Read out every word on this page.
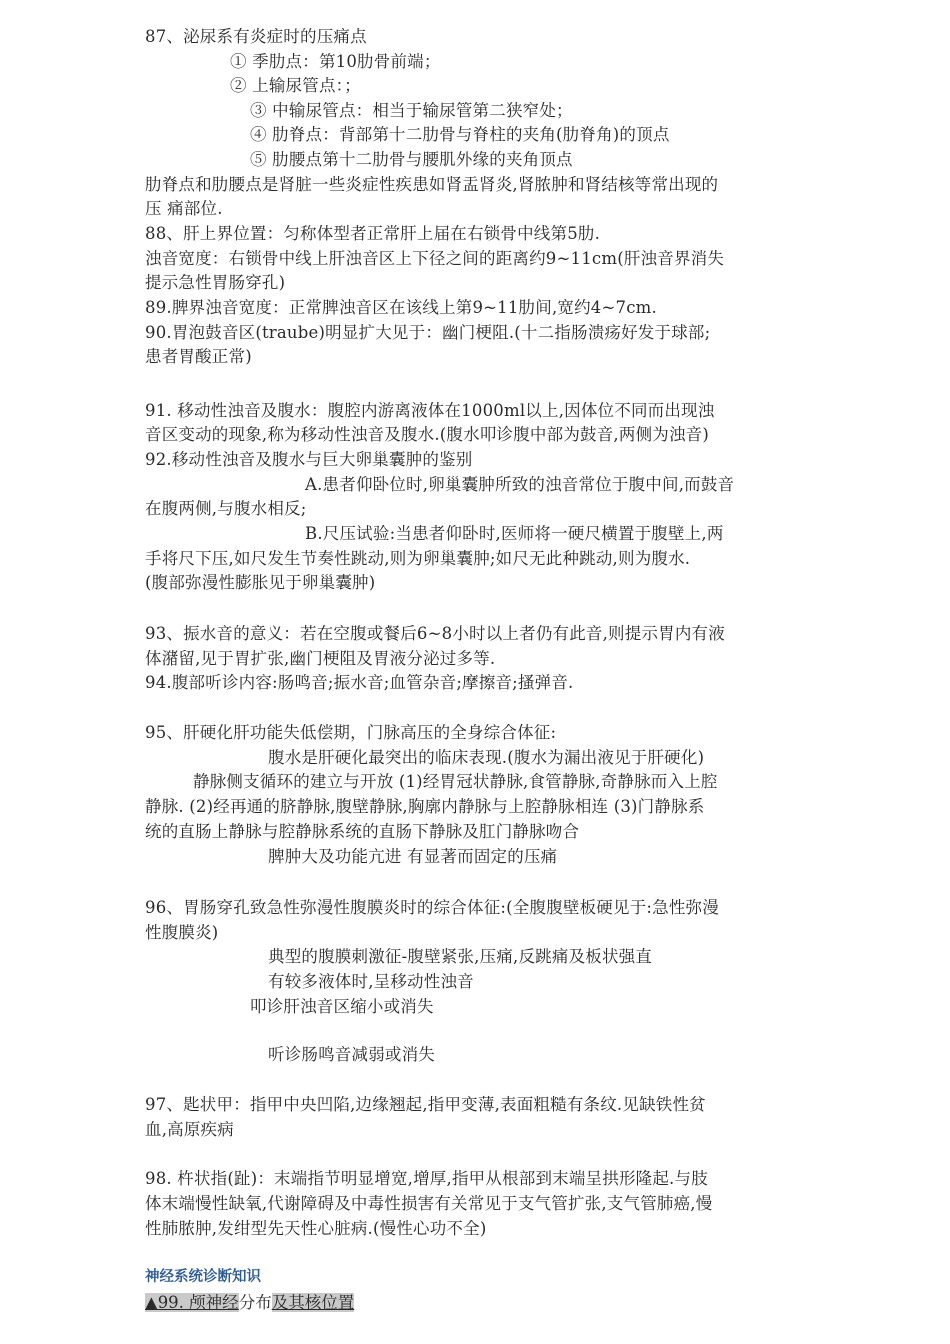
87、泌尿系有炎症时的压痛点
① 季肋点：第10肋骨前端；
② 上输尿管点：；
③ 中输尿管点：相当于输尿管第二狭窄处；
④ 肋脊点：背部第十二肋骨与脊柱的夹角(肋脊角)的顶点
⑤ 肋腰点第十二肋骨与腰肌外缘的夹角顶点
肋脊点和肋腰点是肾脏一些炎症性疾患如肾盂肾炎,肾脓肿和肾结核等常出现的
压 痛部位.
88、肝上界位置：匀称体型者正常肝上届在右锁骨中线第5肋.
浊音宽度：右锁骨中线上肝浊音区上下径之间的距离约9~11cm(肝浊音界消失
提示急性胃肠穿孔)
89.脾界浊音宽度：正常脾浊音区在该线上第9~11肋间,宽约4~7cm.
90.胃泡鼓音区(traube)明显扩大见于：幽门梗阻.(十二指肠溃疡好发于球部;
患者胃酸正常)
91. 移动性浊音及腹水：腹腔内游离液体在1000ml以上,因体位不同而出现浊
音区变动的现象,称为移动性浊音及腹水.(腹水叩诊腹中部为鼓音,两侧为浊音)
92.移动性浊音及腹水与巨大卵巢囊肿的鉴别
A.患者仰卧位时,卵巢囊肿所致的浊音常位于腹中间,而鼓音
在腹两侧,与腹水相反;
B.尺压试验:当患者仰卧时,医师将一硬尺横置于腹壁上,两
手将尺下压,如尺发生节奏性跳动,则为卵巢囊肿;如尺无此种跳动,则为腹水.
(腹部弥漫性膨胀见于卵巢囊肿)
93、振水音的意义：若在空腹或餐后6~8小时以上者仍有此音,则提示胃内有液
体潴留,见于胃扩张,幽门梗阻及胃液分泌过多等.
94.腹部听诊内容:肠鸣音;振水音;血管杂音;摩擦音;搔弹音.
95、肝硬化肝功能失低偿期，门脉高压的全身综合体征:
腹水是肝硬化最突出的临床表现.(腹水为漏出液见于肝硬化)
静脉侧支循环的建立与开放 (1)经胃冠状静脉,食管静脉,奇静脉而入上腔
静脉. (2)经再通的脐静脉,腹壁静脉,胸廓内静脉与上腔静脉相连 (3)门静脉系
统的直肠上静脉与腔静脉系统的直肠下静脉及肛门静脉吻合
脾肿大及功能亢进 有显著而固定的压痛
96、胃肠穿孔致急性弥漫性腹膜炎时的综合体征:(全腹腹壁板硬见于:急性弥漫
性腹膜炎)
典型的腹膜刺激征-腹壁紧张,压痛,反跳痛及板状强直
有较多液体时,呈移动性浊音
叩诊肝浊音区缩小或消失
听诊肠鸣音减弱或消失
97、匙状甲：指甲中央凹陷,边缘翘起,指甲变薄,表面粗糙有条纹.见缺铁性贫
血,高原疾病
98. 杵状指(趾)：末端指节明显增宽,增厚,指甲从根部到末端呈拱形隆起.与肢
体末端慢性缺氧,代谢障碍及中毒性损害有关常见于支气管扩张,支气管肺癌,慢
性肺脓肿,发绀型先天性心脏病.(慢性心功不全)
神经系统诊断知识
▲99. 颅神经分布及其核位置
